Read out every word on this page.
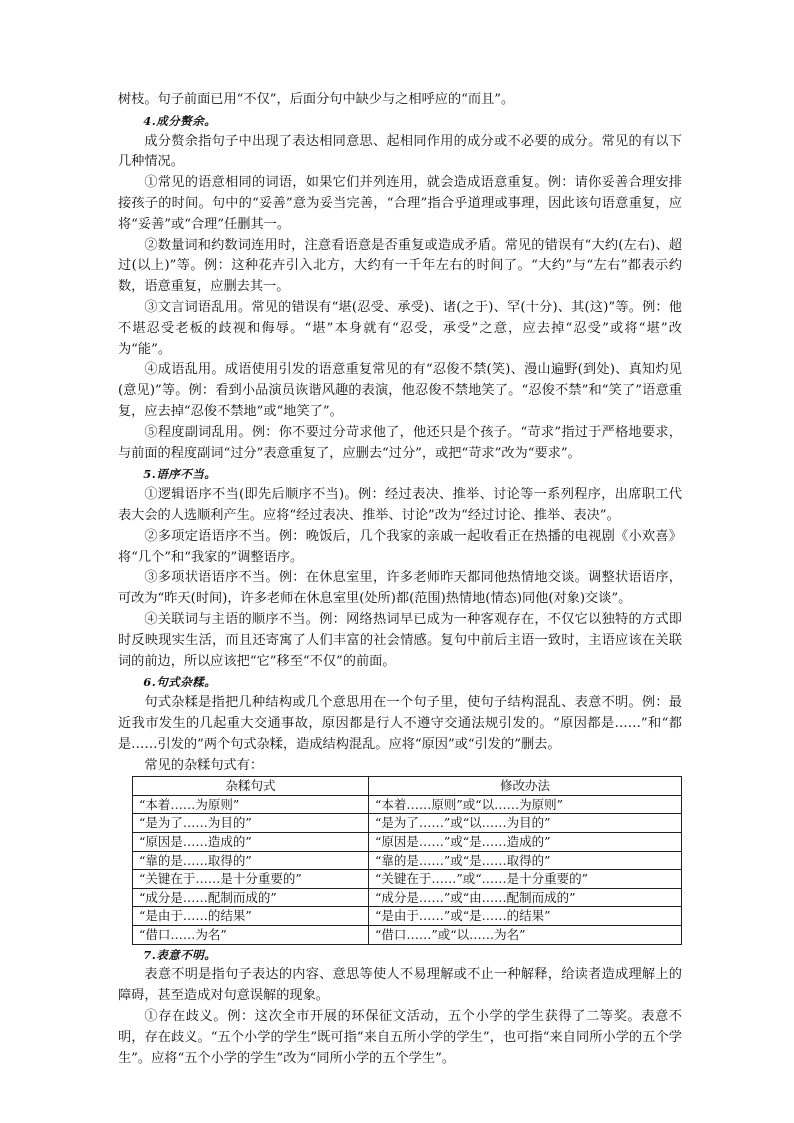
树枝。句子前面已用“不仅”，后面分句中缺少与之相呼应的“而且”。

4.成分赘余。

成分赘余指句子中出现了表达相同意思、起相同作用的成分或不必要的成分。常见的有以下几种情况。

①常见的语意相同的词语，如果它们并列连用，就会造成语意重复。例：请你妥善合理安排接孩子的时间。句中的“妥善”意为妥当完善，“合理”指合乎道理或事理，因此该句语意重复，应将“妥善”或“合理”任删其一。

②数量词和约数词连用时，注意看语意是否重复或造成矛盾。常见的错误有“大约(左右)、超过(以上)”等。例：这种花卉引入北方，大约有一千年左右的时间了。“大约”与“左右”都表示约数，语意重复，应删去其一。

③文言词语乱用。常见的错误有“堪(忍受、承受)、诸(之于)、罕(十分)、其(这)”等。例：他不堪忍受老板的歧视和侮辱。“堪”本身就有“忍受，承受”之意，应去掉“忍受”或将“堪”改为“能”。

④成语乱用。成语使用引发的语意重复常见的有“忍俊不禁(笑)、漫山遍野(到处)、真知灼见(意见)”等。例：看到小品演员诙谐风趣的表演，他忍俊不禁地笑了。“忍俊不禁”和“笑了”语意重复，应去掉“忍俊不禁地”或“地笑了”。

⑤程度副词乱用。例：你不要过分苛求他了，他还只是个孩子。“苛求”指过于严格地要求，与前面的程度副词“过分”表意重复了，应删去“过分”，或把“苛求”改为“要求”。

5.语序不当。

①逻辑语序不当(即先后顺序不当)。例：经过表决、推举、讨论等一系列程序，出席职工代表大会的人选顺利产生。应将“经过表决、推举、讨论”改为“经过讨论、推举、表决”。

②多项定语语序不当。例：晚饭后，几个我家的亲戚一起收看正在热播的电视剧《小欢喜》将“几个”和“我家的”调整语序。

③多项状语语序不当。例：在休息室里，许多老师昨天都同他热情地交谈。调整状语语序，可改为“昨天(时间)，许多老师在休息室里(处所)都(范围)热情地(情态)同他(对象)交谈”。

④关联词与主语的顺序不当。例：网络热词早已成为一种客观存在，不仅它以独特的方式即时反映现实生活，而且还寄寓了人们丰富的社会情感。复句中前后主语一致时，主语应该在关联词的前边，所以应该把“它”移至“不仅”的前面。

6.句式杂糅。

句式杂糅是指把几种结构或几个意思用在一个句子里，使句子结构混乱、表意不明。例：最近我市发生的几起重大交通事故，原因都是行人不遵守交通法规引发的。“原因都是……”和“都是……引发的”两个句式杂糅，造成结构混乱。应将“原因”或“引发的”删去。

常见的杂糅句式有：

杂糅句式	修改办法
“本着……为原则”	“本着……原则”或“以……为原则”
“是为了……为目的”	“是为了……”或“以……为目的”
“原因是……造成的”	“原因是……”或“是……造成的”
“靠的是……取得的”	“靠的是……”或“是……取得的”
“关键在于……是十分重要的”	“关键在于……”或“……是十分重要的”
“成分是……配制而成的”	“成分是……”或“由……配制而成的”
“是由于……的结果”	“是由于……”或“是……的结果”
“借口……为名”	“借口……”或“以……为名”
7.表意不明。

表意不明是指句子表达的内容、意思等使人不易理解或不止一种解释，给读者造成理解上的障碍，甚至造成对句意误解的现象。

①存在歧义。例：这次全市开展的环保征文活动，五个小学的学生获得了二等奖。表意不明，存在歧义。“五个小学的学生”既可指“来自五所小学的学生”，也可指“来自同所小学的五个学生”。应将“五个小学的学生”改为“同所小学的五个学生”。
